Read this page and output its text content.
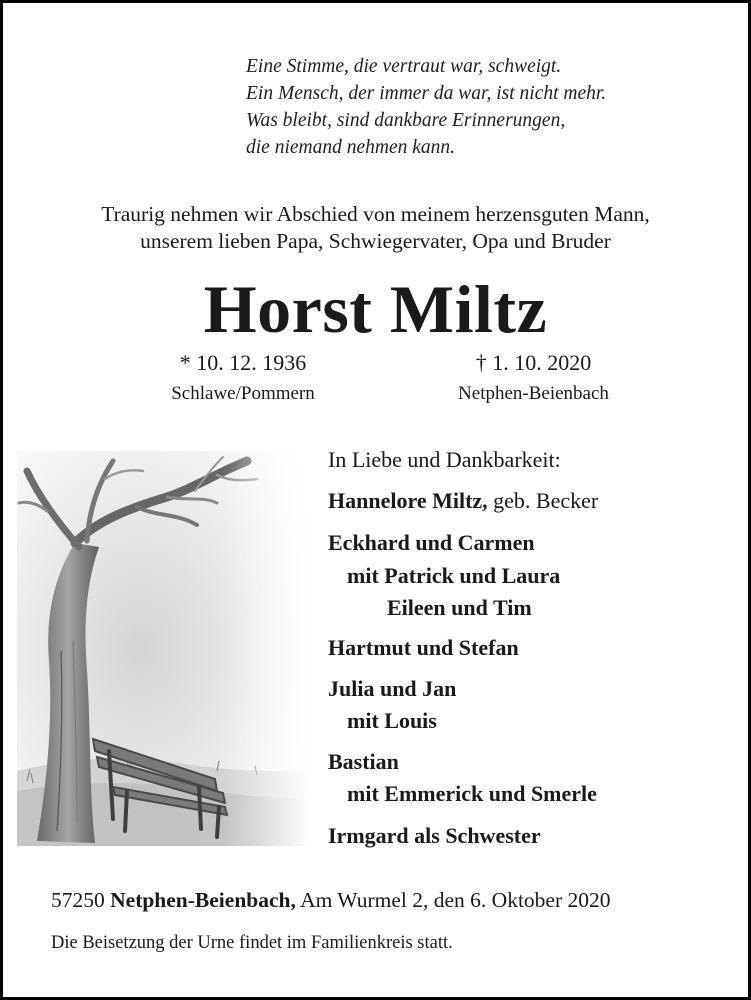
Eine Stimme, die vertraut war, schweigt.
Ein Mensch, der immer da war, ist nicht mehr.
Was bleibt, sind dankbare Erinnerungen,
die niemand nehmen kann.
Traurig nehmen wir Abschied von meinem herzensguten Mann,
unserem lieben Papa, Schwiegervater, Opa und Bruder
Horst Miltz
* 10. 12. 1936
Schlawe/Pommern
† 1. 10. 2020
Netphen-Beienbach
In Liebe und Dankbarkeit:
Hannelore Miltz, geb. Becker
Eckhard und Carmen
mit Patrick und Laura
Eileen und Tim
Hartmut und Stefan
Julia und Jan
mit Louis
Bastian
mit Emmerick und Smerle
Irmgard als Schwester
57250 Netphen-Beienbach, Am Wurmel 2, den 6. Oktober 2020
Die Beisetzung der Urne findet im Familienkreis statt.
